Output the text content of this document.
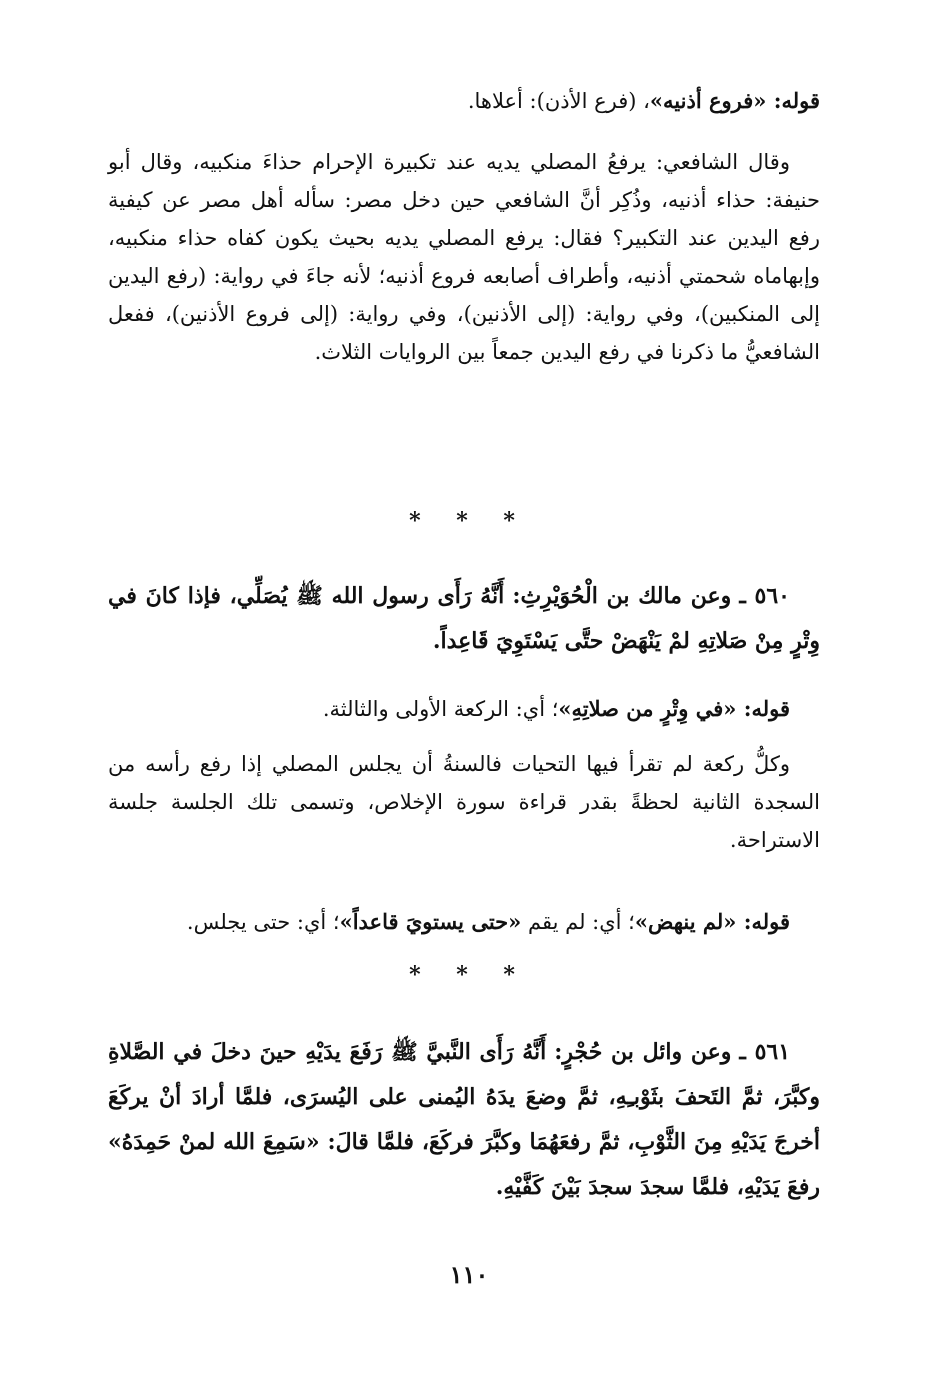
قوله: «فروع أذنيه»، (فرع الأذن): أعلاها.
وقال الشافعي: يرفعُ المصلي يديه عند تكبيرة الإحرام حذاءَ منكبيه، وقال أبو حنيفة: حذاء أذنيه، وذُكِر أنَّ الشافعي حين دخل مصر: سأله أهل مصر عن كيفية رفع اليدين عند التكبير؟ فقال: يرفع المصلي يديه بحيث يكون كفاه حذاء منكبيه، وإبهاماه شحمتي أذنيه، وأطراف أصابعه فروع أذنيه؛ لأنه جاءَ في رواية: (رفع اليدين إلى المنكبين)، وفي رواية: (إلى الأذنين)، وفي رواية: (إلى فروع الأذنين)، ففعل الشافعيُّ ما ذكرنا في رفع اليدين جمعاً بين الروايات الثلاث.
* * *
٥٦٠ ـ وعن مالك بن الْحُوَيْرِثِ: أَنَّهُ رَأَى رسول الله ﷺ يُصَلِّي، فإذا كانَ في وِتْرٍ مِنْ صَلاتِهِ لمْ يَنْهَضْ حتَّى يَسْتَوِيَ قَاعِداً.
قوله: «في وِتْرٍ من صلاتِهِ»؛ أي: الركعة الأولى والثالثة.
وكلُّ ركعة لم تقرأ فيها التحيات فالسنةُ أن يجلس المصلي إذا رفع رأسه من السجدة الثانية لحظةً بقدر قراءة سورة الإخلاص، وتسمى تلك الجلسة جلسة الاستراحة.
قوله: «لم ينهض»؛ أي: لم يقم «حتى يستويَ قاعداً»؛ أي: حتى يجلس.
* * *
٥٦١ ـ وعن وائل بن حُجْرٍ: أَنَّهُ رَأَى النَّبيَّ ﷺ رَفَعَ يدَيْهِ حينَ دخلَ في الصَّلاةِ وكبَّرَ، ثمَّ التَحفَ بثَوْبـِهِ، ثمَّ وضعَ يدَهُ اليُمنى على اليُسرَى، فلمَّا أرادَ أنْ يركَعَ أخرجَ يَدَيْهِ مِنَ الثَّوْبِ، ثمَّ رفعَهُمَا وكبَّرَ فركَعَ، فلمَّا قالَ: «سَمِعَ الله لمنْ حَمِدَهُ» رفعَ يَدَيْهِ، فلمَّا سجدَ سجدَ بَيْنَ كَفَّيْهِ.
١١٠
